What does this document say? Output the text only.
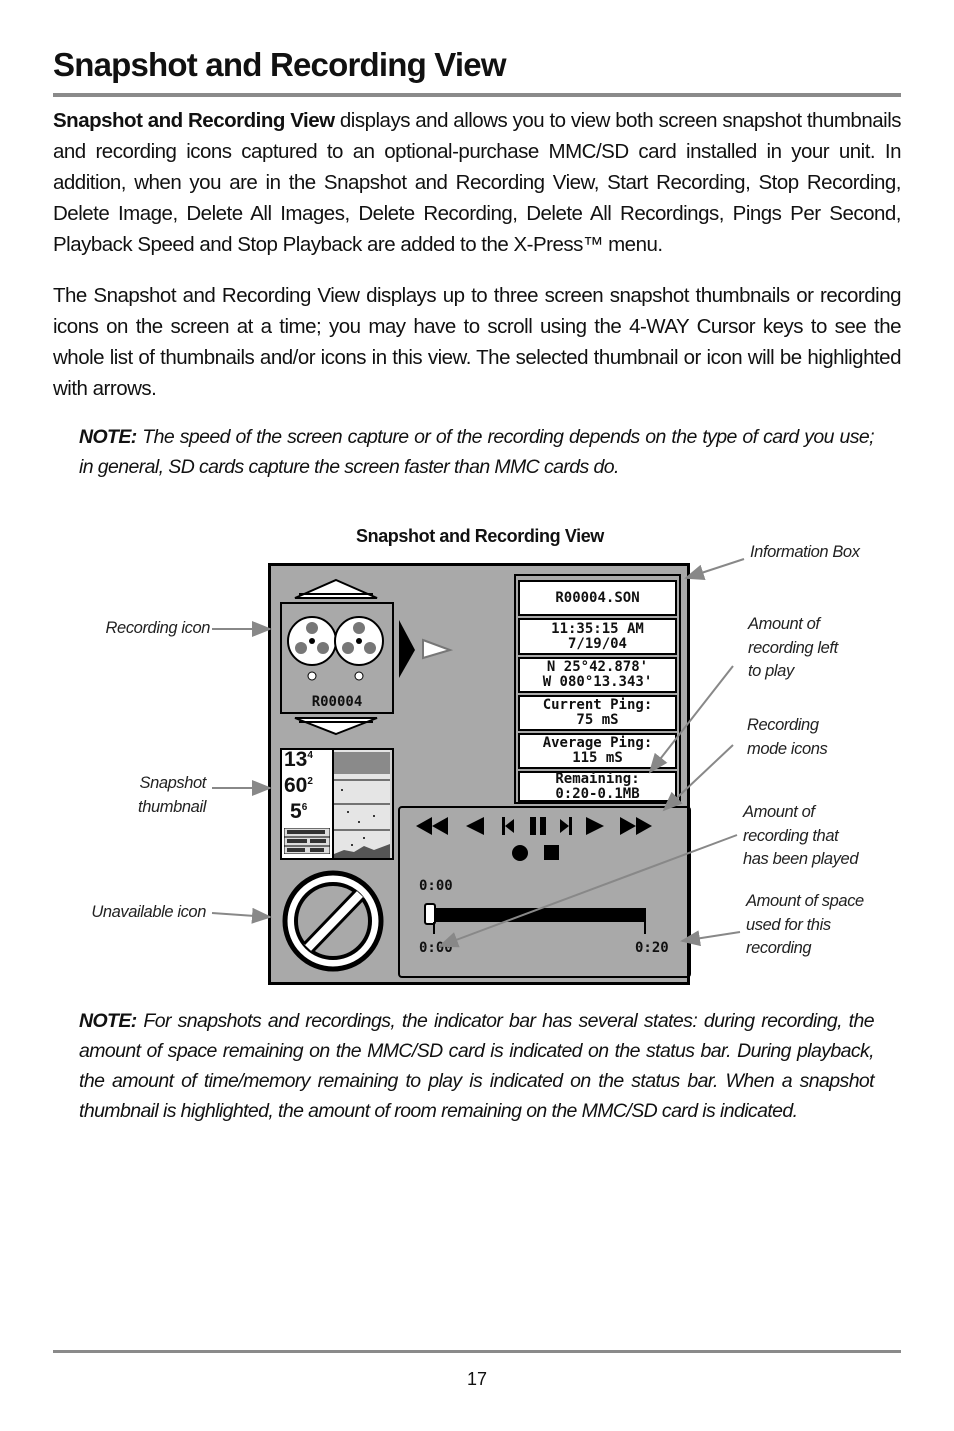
Snapshot and Recording View

Snapshot and Recording View displays and allows you to view both screen snapshot thumbnails and recording icons captured to an optional-purchase MMC/SD card installed in your unit. In addition, when you are in the Snapshot and Recording View, Start Recording, Stop Recording, Delete Image, Delete All Images, Delete Recording, Delete All Recordings, Pings Per Second, Playback Speed and Stop Playback are added to the X-Press™ menu.

The Snapshot and Recording View displays up to three screen snapshot thumbnails or recording icons on the screen at a time; you may have to scroll using the 4-WAY Cursor keys to see the whole list of thumbnails and/or icons in this view. The selected thumbnail or icon will be highlighted with arrows.

NOTE: The speed of the screen capture or of the recording depends on the type of card you use; in general, SD cards capture the screen faster than MMC cards do.

Snapshot and Recording View
R00004
$13^4$
$60^2$
$5^6$
R00004.SON
11:35:15 AM
7/19/04
N 25°42.878'
W 080°13.343'
Current Ping:
75 mS
Average Ping:
115 mS
Remaining:
0:20-0.1MB
0:00
0:00	0:20
Information Box
Recording icon	Amount of
recording left
to play
Recording
mode icons
Snapshot
thumbnail	Amount of
recording that
has been played
Unavailable icon
Amount of space
used for this
recording

NOTE: For snapshots and recordings, the indicator bar has several states: during recording, the amount of space remaining on the MMC/SD card is indicated on the status bar. During playback, the amount of time/memory remaining to play is indicated on the status bar. When a snapshot thumbnail is highlighted, the amount of room remaining on the MMC/SD card is indicated.

17
